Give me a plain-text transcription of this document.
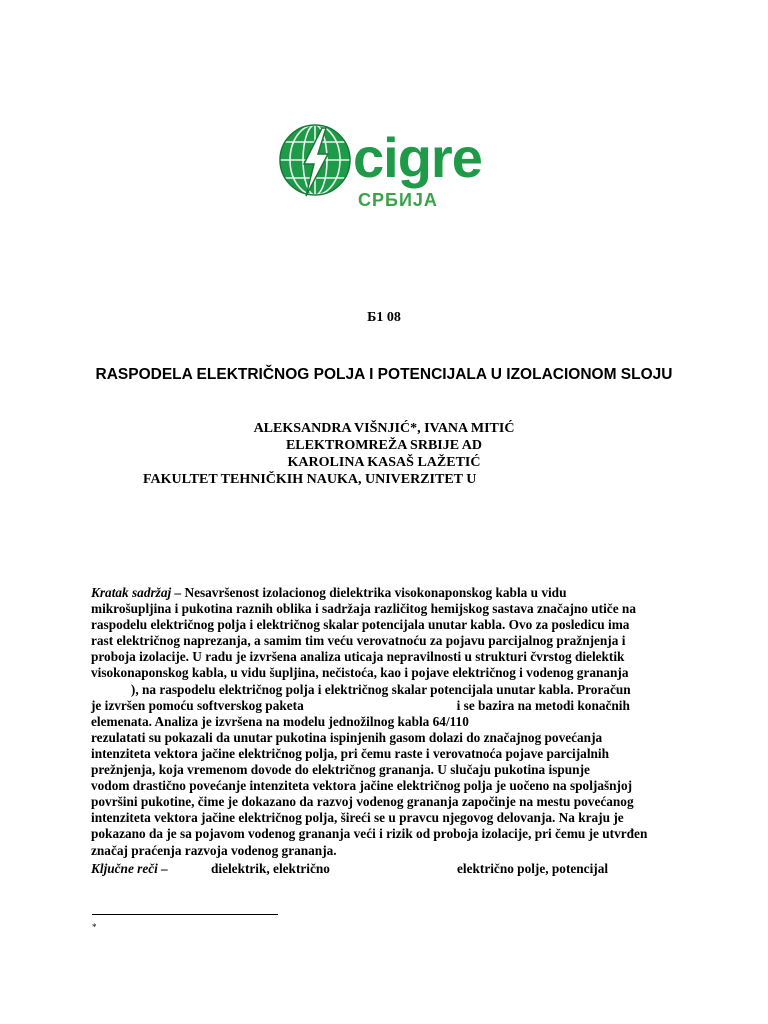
cigre
СРБИЈА
Б1 08
RASPODELA ELEKTRIČNOG POLJA I POTENCIJALA U IZOLACIONOM SLOJU
ALEKSANDRA VIŠNJIĆ*, IVANA MITIĆ
ELEKTROMREŽA SRBIJE AD
KAROLINA KASAŠ LAŽETIĆ
FAKULTET TEHNIČKIH NAUKA, UNIVERZITET U
Kratak sadržaj – Nesavršenost izolacionog dielektrika visokonaponskog kabla u vidu
mikrošupljina i pukotina raznih oblika i sadržaja različitog hemijskog sastava značajno utiče na
raspodelu električnog polja i električnog skalar potencijala unutar kabla. Ovo za posledicu ima
rast električnog naprezanja, a samim tim veću verovatnoću za pojavu parcijalnog pražnjenja i
proboja izolacije. U radu je izvršena analiza uticaja nepravilnosti u strukturi čvrstog dielektik
visokonaponskog kabla, u vidu šupljina, nečistoća, kao i pojave električnog i vodenog grananja
), na raspodelu električnog polja i električnog skalar potencijala unutar kabla. Proračun
je izvršen pomoću softverskog paketa                                              i se bazira na metodi konačnih
elemenata. Analiza je izvršena na modelu jednožilnog kabla 64/110
rezulatati su pokazali da unutar pukotina ispinjenih gasom dolazi do značajnog povećanja
intenziteta vektora jačine električnog polja, pri čemu raste i verovatnoća pojave parcijalnih
prežnjenja, koja vremenom dovode do električnog grananja. U slučaju pukotina ispunje
vodom drastično povećanje intenziteta vektora jačine električnog polja je uočeno na spoljašnjoj
površini pukotine, čime je dokazano da razvoj vodenog grananja započinje na mestu povećanog
intenziteta vektora jačine električnog polja, šireći se u pravcu njegovog delovanja. Na kraju je
pokazano da je sa pojavom vodenog grananja veći i rizik od proboja izolacije, pri čemu je utvrđen
značaj praćenja razvoja vodenog grananja.
Ključne reči –	dielektrik, električno	električno polje, potencijal
*
